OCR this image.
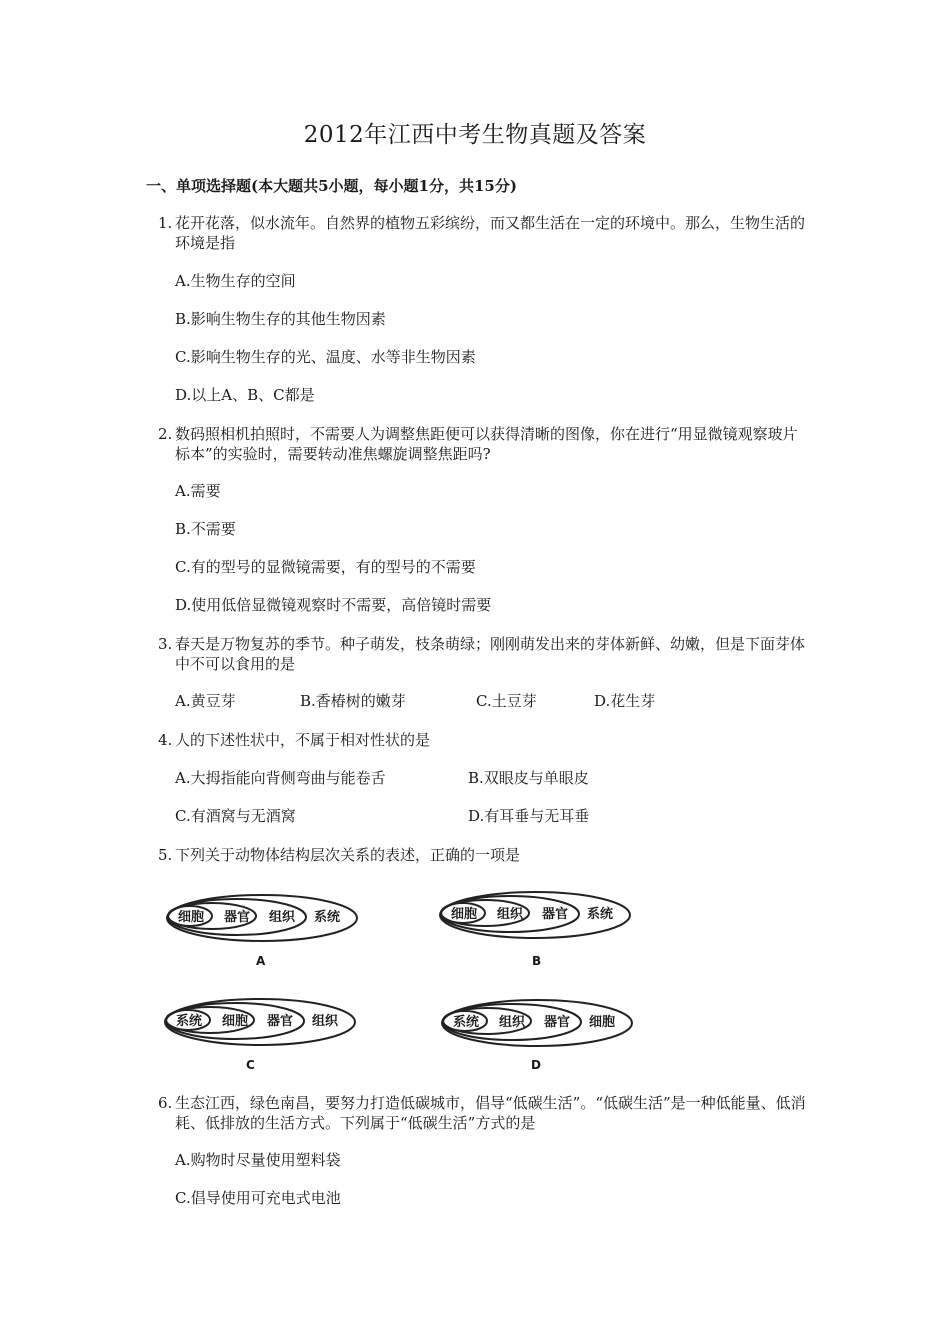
2012年江西中考生物真题及答案
一、单项选择题(本大题共5小题，每小题1分，共15分)
1. 花开花落，似水流年。自然界的植物五彩缤纷，而又都生活在一定的环境中。那么，生物生活的环境是指
A.生物生存的空间
B.影响生物生存的其他生物因素
C.影响生物生存的光、温度、水等非生物因素
D.以上A、B、C都是
2. 数码照相机拍照时，不需要人为调整焦距便可以获得清晰的图像，你在进行“用显微镜观察玻片标本”的实验时，需要转动准焦螺旋调整焦距吗?
A.需要
B.不需要
C.有的型号的显微镜需要，有的型号的不需要
D.使用低倍显微镜观察时不需要，高倍镜时需要
3. 春天是万物复苏的季节。种子萌发，枝条萌绿；刚刚萌发出来的芽体新鲜、幼嫩，但是下面芽体中不可以食用的是
A.黄豆芽	B.香椿树的嫩芽	C.土豆芽	D.花生芽
4. 人的下述性状中，不属于相对性状的是
A.大拇指能向背侧弯曲与能卷舌	B.双眼皮与单眼皮
C.有酒窝与无酒窝	D.有耳垂与无耳垂
5. 下列关于动物体结构层次关系的表述，正确的一项是
细胞 器官 组织 系统
A
细胞 组织 器官 系统
B
系统 细胞 器官 组织
C
系统 组织 器官 细胞
D
6. 生态江西，绿色南昌，要努力打造低碳城市，倡导“低碳生活”。“低碳生活”是一种低能量、低消耗、低排放的生活方式。下列属于“低碳生活”方式的是
A.购物时尽量使用塑料袋
C.倡导使用可充电式电池
